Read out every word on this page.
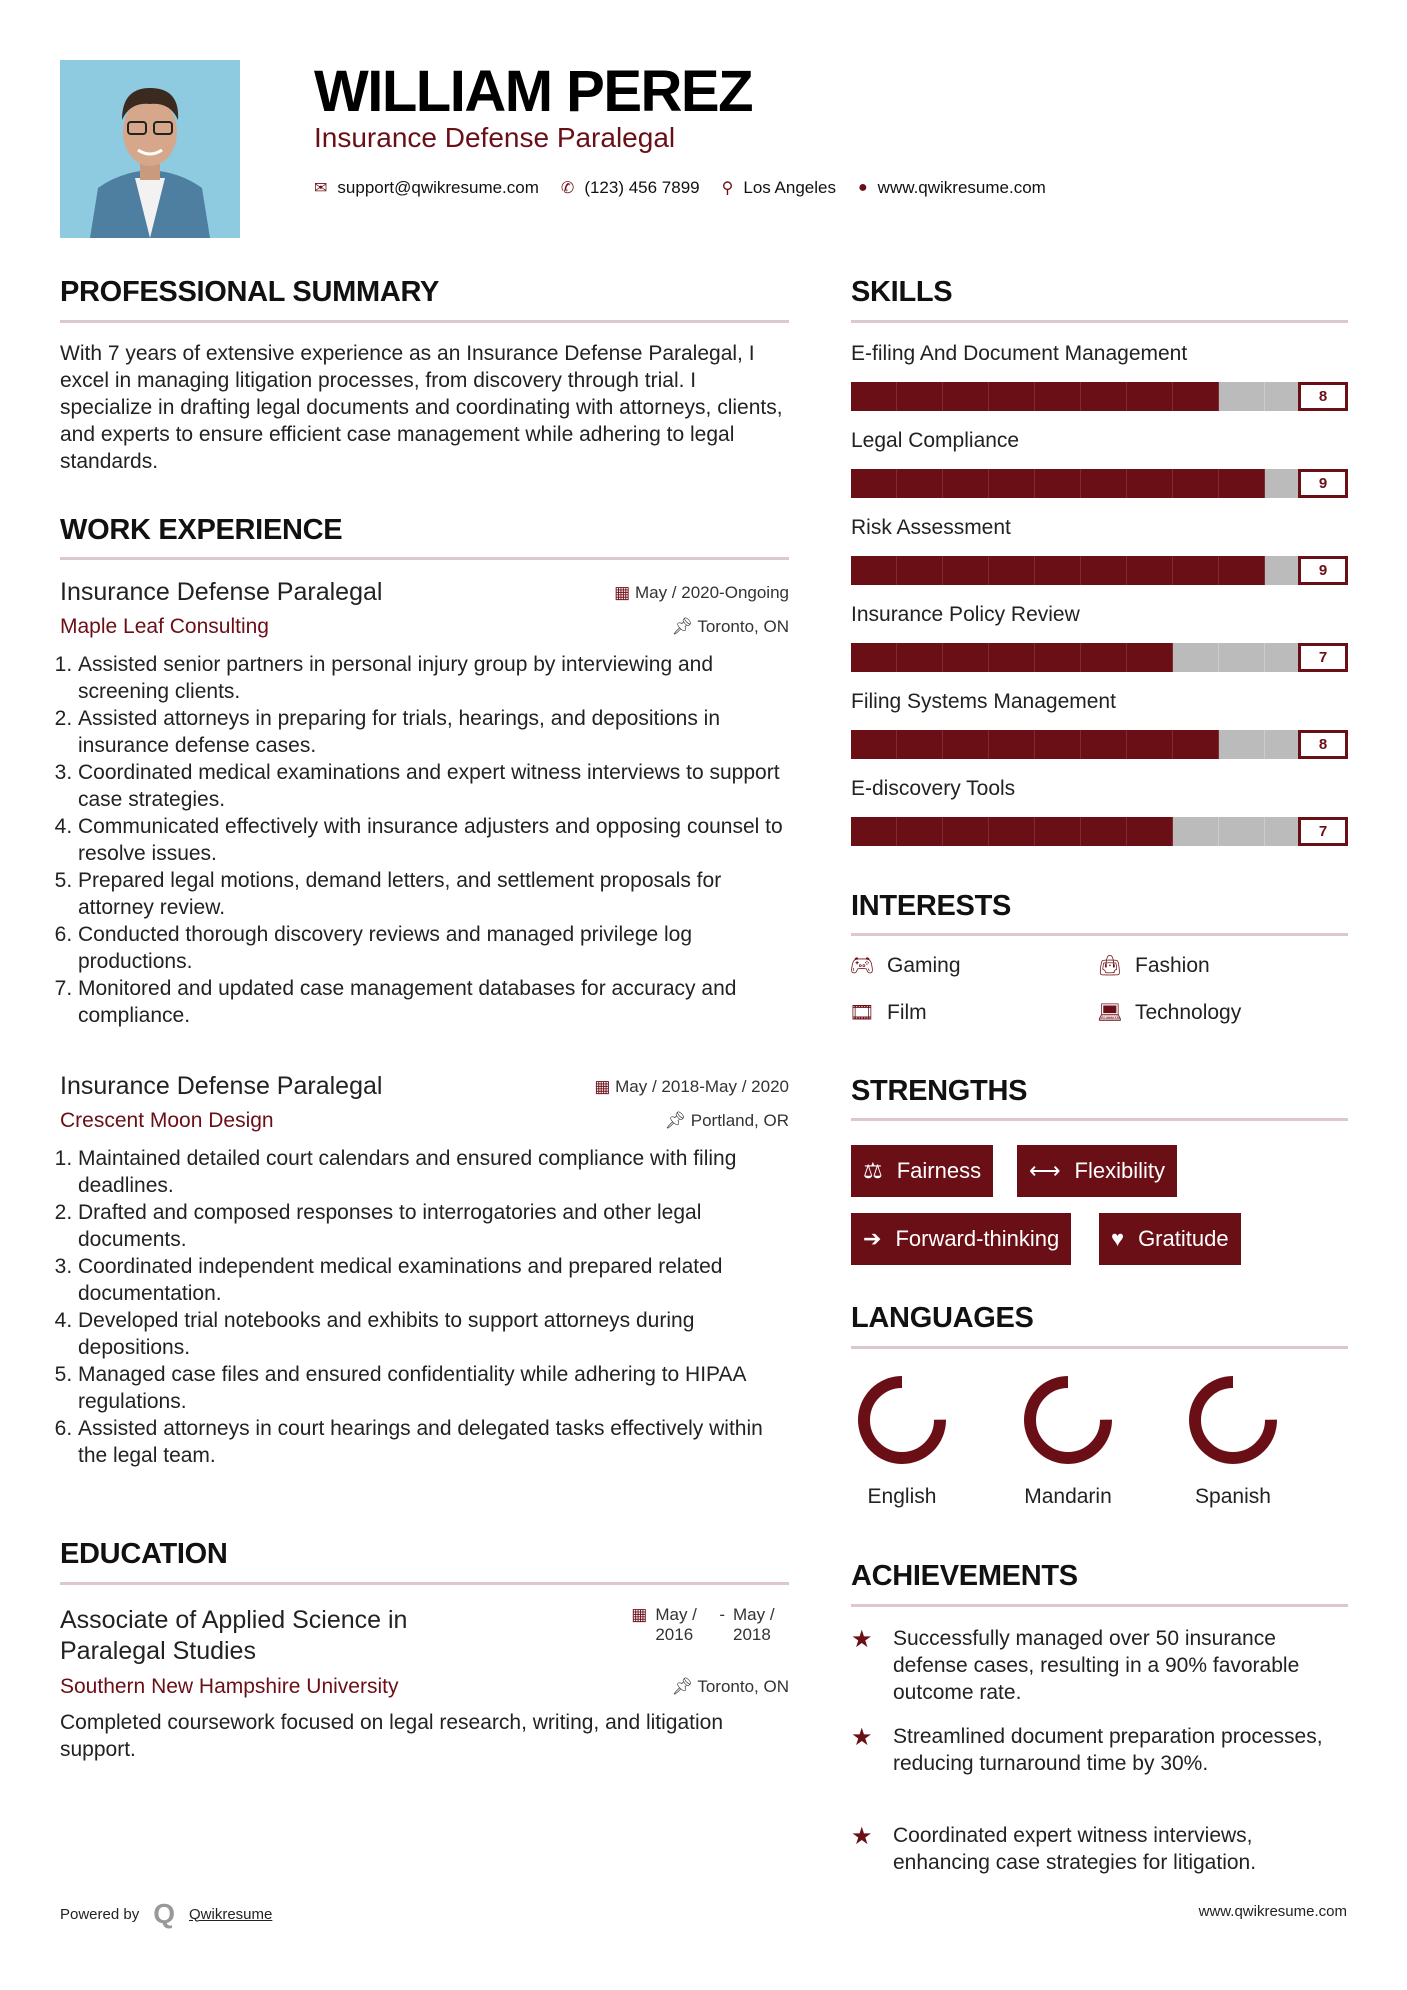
WILLIAM PEREZ
Insurance Defense Paralegal
✉ support@qwikresume.com ✆ (123) 456 7899 ⚲ Los Angeles ● www.qwikresume.com
PROFESSIONAL SUMMARY
With 7 years of extensive experience as an Insurance Defense Paralegal, I excel in managing litigation processes, from discovery through trial. I specialize in drafting legal documents and coordinating with attorneys, clients, and experts to ensure efficient case management while adhering to legal standards.
WORK EXPERIENCE
Insurance Defense Paralegal	▦ May / 2020-Ongoing
Maple Leaf Consulting	📌︎ Toronto, ON
1. Assisted senior partners in personal injury group by interviewing and screening clients.
2. Assisted attorneys in preparing for trials, hearings, and depositions in insurance defense cases.
3. Coordinated medical examinations and expert witness interviews to support case strategies.
4. Communicated effectively with insurance adjusters and opposing counsel to resolve issues.
5. Prepared legal motions, demand letters, and settlement proposals for attorney review.
6. Conducted thorough discovery reviews and managed privilege log productions.
7. Monitored and updated case management databases for accuracy and compliance.
Insurance Defense Paralegal	▦ May / 2018-May / 2020
Crescent Moon Design	📌︎ Portland, OR
1. Maintained detailed court calendars and ensured compliance with filing deadlines.
2. Drafted and composed responses to interrogatories and other legal documents.
3. Coordinated independent medical examinations and prepared related documentation.
4. Developed trial notebooks and exhibits to support attorneys during depositions.
5. Managed case files and ensured confidentiality while adhering to HIPAA regulations.
6. Assisted attorneys in court hearings and delegated tasks effectively within the legal team.
EDUCATION
Associate of Applied Science in Paralegal Studies
▦ May / 2016
- May / 2018
Southern New Hampshire University	📌︎ Toronto, ON
Completed coursework focused on legal research, writing, and litigation support.
Powered by Q Qwikresume	www.qwikresume.com
SKILLS
E-filing And Document Management
8
Legal Compliance
9
Risk Assessment
9
Insurance Policy Review
7
Filing Systems Management
8
E-discovery Tools
7
INTERESTS
🎮︎ Gaming	👜︎ Fashion
🎞︎ Film	💻︎ Technology
STRENGTHS
⚖ Fairness ⟷ Flexibility
➔ Forward-thinking ♥ Gratitude
LANGUAGES
English	Mandarin	Spanish
ACHIEVEMENTS
★ Successfully managed over 50 insurance defense cases, resulting in a 90% favorable outcome rate.
★ Streamlined document preparation processes, reducing turnaround time by 30%.
★ Coordinated expert witness interviews, enhancing case strategies for litigation.
